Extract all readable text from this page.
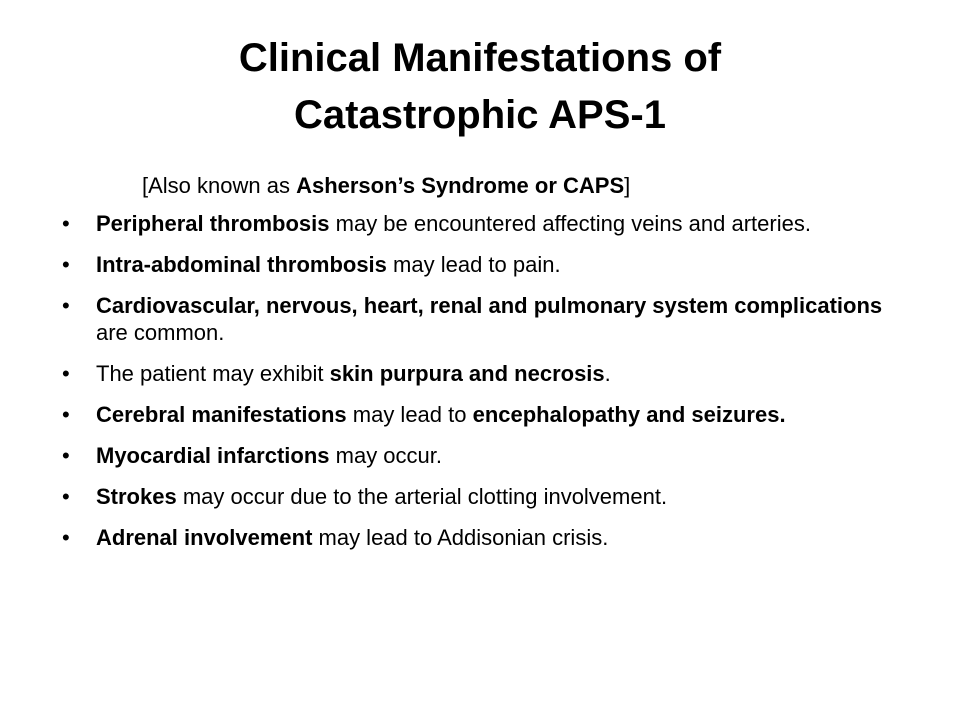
Clinical Manifestations of
Catastrophic APS-1
[Also known as Asherson’s Syndrome or CAPS]
• Peripheral thrombosis may be encountered affecting veins and arteries.
• Intra-abdominal thrombosis may lead to pain.
• Cardiovascular, nervous, heart, renal and pulmonary system complications are common.
• The patient may exhibit skin purpura and necrosis.
• Cerebral manifestations may lead to encephalopathy and seizures.
• Myocardial infarctions may occur.
• Strokes may occur due to the arterial clotting involvement.
• Adrenal involvement may lead to Addisonian crisis.
